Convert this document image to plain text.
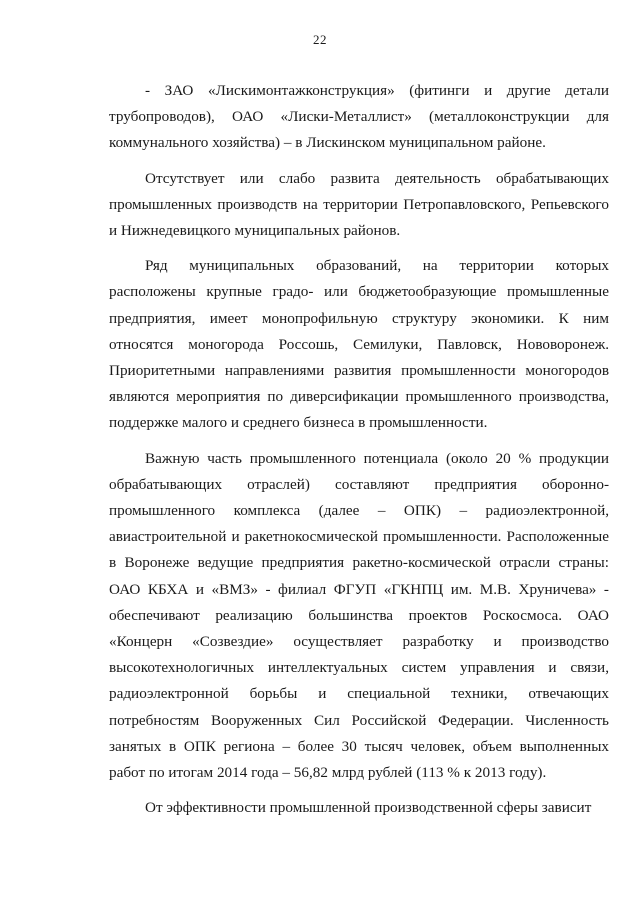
22

- ЗАО «Лискимонтажконструкция» (фитинги и другие детали трубопроводов), ОАО «Лиски-Металлист» (металлоконструкции для коммунального хозяйства) – в Лискинском муниципальном районе.

Отсутствует или слабо развита деятельность обрабатывающих промышленных производств на территории Петропавловского, Репьевского и Нижнедевицкого муниципальных районов.

Ряд муниципальных образований, на территории которых расположены крупные градо- или бюджетообразующие промышленные предприятия, имеет монопрофильную структуру экономики. К ним относятся моногорода Россошь, Семилуки, Павловск, Нововоронеж. Приоритетными направлениями развития промышленности моногородов являются мероприятия по диверсификации промышленного производства, поддержке малого и среднего бизнеса в промышленности.

Важную часть промышленного потенциала (около 20 % продукции обрабатывающих отраслей) составляют предприятия оборонно-промышленного комплекса (далее – ОПК) – радиоэлектронной, авиастроительной и ракетнокосмической промышленности. Расположенные в Воронеже ведущие предприятия ракетно-космической отрасли страны: ОАО КБХА и «ВМЗ» - филиал ФГУП «ГКНПЦ им. М.В. Хруничева» - обеспечивают реализацию большинства проектов Роскосмоса. ОАО «Концерн «Созвездие» осуществляет разработку и производство высокотехнологичных интеллектуальных систем управления и связи, радиоэлектронной борьбы и специальной техники, отвечающих потребностям Вооруженных Сил Российской Федерации. Численность занятых в ОПК региона – более 30 тысяч человек, объем выполненных работ по итогам 2014 года – 56,82 млрд рублей (113 % к 2013 году).

От эффективности промышленной производственной сферы зависит
